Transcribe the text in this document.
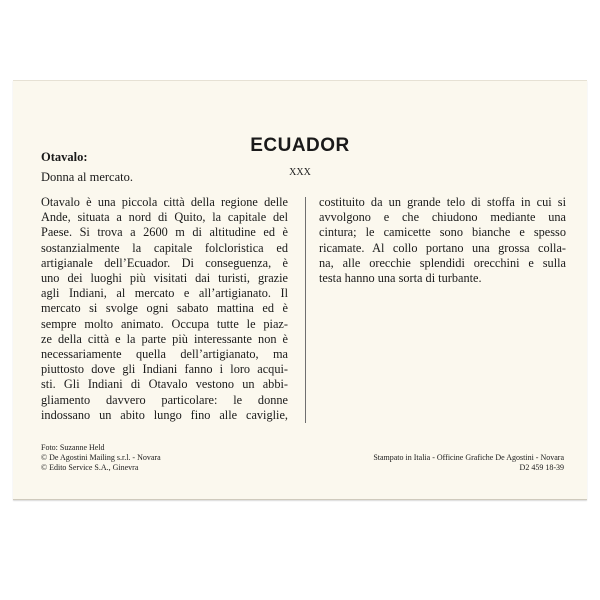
ECUADOR
XXX
Otavalo:
Donna al mercato.
Otavalo è una piccola città della regione delle
Ande, situata a nord di Quito, la capitale del
Paese. Si trova a 2600 m di altitudine ed è
sostanzialmente la capitale folcloristica ed
artigianale dell’Ecuador. Di conseguenza, è
uno dei luoghi più visitati dai turisti, grazie
agli Indiani, al mercato e all’artigianato. Il
mercato si svolge ogni sabato mattina ed è
sempre molto animato. Occupa tutte le piaz-
ze della città e la parte più interessante non è
necessariamente quella dell’artigianato, ma
piuttosto dove gli Indiani fanno i loro acqui-
sti. Gli Indiani di Otavalo vestono un abbi-
gliamento davvero particolare: le donne
indossano un abito lungo fino alle caviglie,
costituito da un grande telo di stoffa in cui si
avvolgono e che chiudono mediante una
cintura; le camicette sono bianche e spesso
ricamate. Al collo portano una grossa colla-
na, alle orecchie splendidi orecchini e sulla
testa hanno una sorta di turbante.
Foto: Suzanne Held
© De Agostini Mailing s.r.l. - Novara
© Edito Service S.A., Ginevra
Stampato in Italia - Officine Grafiche De Agostini - Novara
D2 459 18-39
